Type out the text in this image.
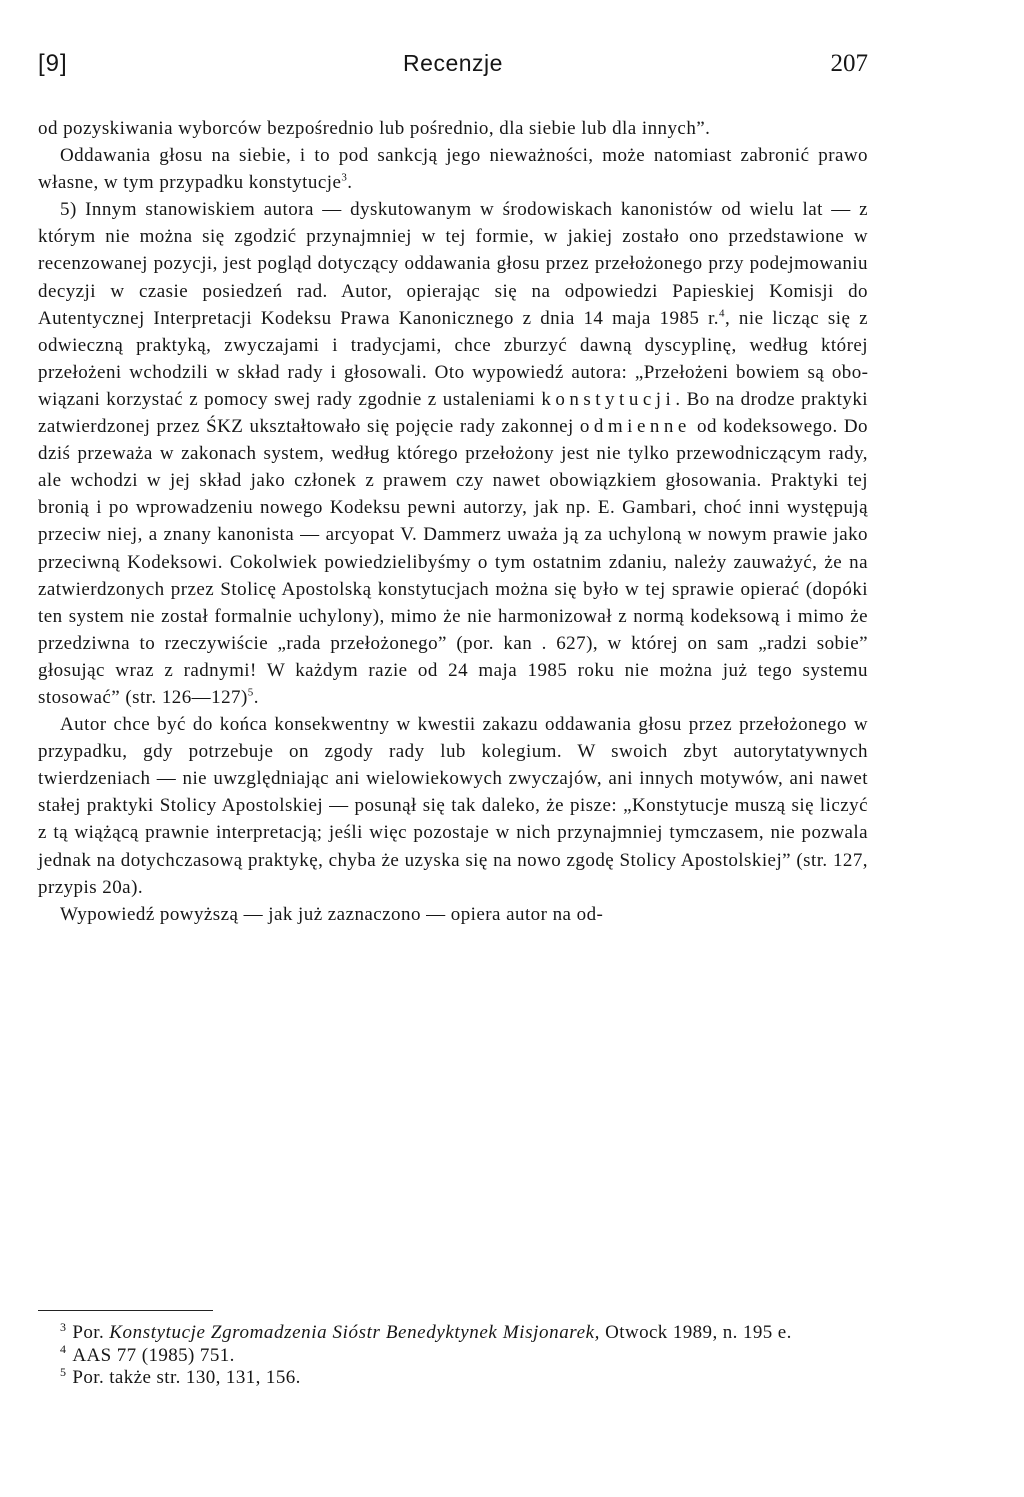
[9]	Recenzje	207

od pozyskiwania wyborców bezpośrednio lub pośrednio, dla siebie lub dla innych”.

Oddawania głosu na siebie, i to pod sankcją jego nieważności, może natomiast zabronić prawo własne, w tym przypadku konstytucje$^3$.

5) Innym stanowiskiem autora — dyskutowanym w środowiskach kanonistów od wielu lat — z którym nie można się zgodzić przynajmniej w tej formie, w jakiej zostało ono przedstawione w recenzowanej pozycji, jest pogląd dotyczący oddawania głosu przez przełożonego przy podejmowaniu decyzji w czasie posiedzeń rad. Autor, opierając się na odpowiedzi Papieskiej Komisji do Autentycznej Interpretacji Kodeksu Prawa Kanonicznego z dnia 14 maja 1985 r.$^4$, nie licząc się z odwieczną praktyką, zwyczajami i tradycjami, chce zburzyć dawną dyscyplinę, według której przełożeni wchodzili w skład rady i głosowali. Oto wypowiedź autora: „Przełożeni bowiem są obowiązani korzystać z pomocy swej rady zgodnie z ustaleniami konstytucji. Bo na drodze praktyki zatwierdzonej przez ŚKZ ukształtowało się pojęcie rady zakonnej odmienne od kodeksowego. Do dziś przeważa w zakonach system, według którego przełożony jest nie tylko przewodniczącym rady, ale wchodzi w jej skład jako członek z prawem czy nawet obowiązkiem głosowania. Praktyki tej bronią i po wprowadzeniu nowego Kodeksu pewni autorzy, jak np. E. Gambari, choć inni występują przeciw niej, a znany kanonista — arcyopat V. Dammerz uważa ją za uchyloną w nowym prawie jako przeciwną Kodeksowi. Cokolwiek powiedzielibyśmy o tym ostatnim zdaniu, należy zauważyć, że na zatwierdzonych przez Stolicę Apostolską konstytucjach można się było w tej sprawie opierać (dopóki ten system nie został formalnie uchylony), mimo że nie harmonizował z normą kodeksową i mimo że przedziwna to rzeczywiście „rada przełożonego” (por. kan . 627), w której on sam „radzi sobie” głosując wraz z radnymi! W każdym razie od 24 maja 1985 roku nie można już tego systemu stosować” (str. 126—127)$^5$.

Autor chce być do końca konsekwentny w kwestii zakazu oddawania głosu przez przełożonego w przypadku, gdy potrzebuje on zgody rady lub kolegium. W swoich zbyt autorytatywnych twierdzeniach — nie uwzględniając ani wielowiekowych zwyczajów, ani innych motywów, ani nawet stałej praktyki Stolicy Apostolskiej — posunął się tak daleko, że pisze: „Konstytucje muszą się liczyć z tą wiążącą prawnie interpretacją; jeśli więc pozostaje w nich przynajmniej tymczasem, nie pozwala jednak na dotychczasową praktykę, chyba że uzyska się na nowo zgodę Stolicy Apostolskiej” (str. 127, przypis 20a).

Wypowiedź powyższą — jak już zaznaczono — opiera autor na od-

$^3$ Por. Konstytucje Zgromadzenia Sióstr Benedyktynek Misjonarek, Otwock 1989, n. 195 e.

$^4$ AAS 77 (1985) 751.

$^5$ Por. także str. 130, 131, 156.
